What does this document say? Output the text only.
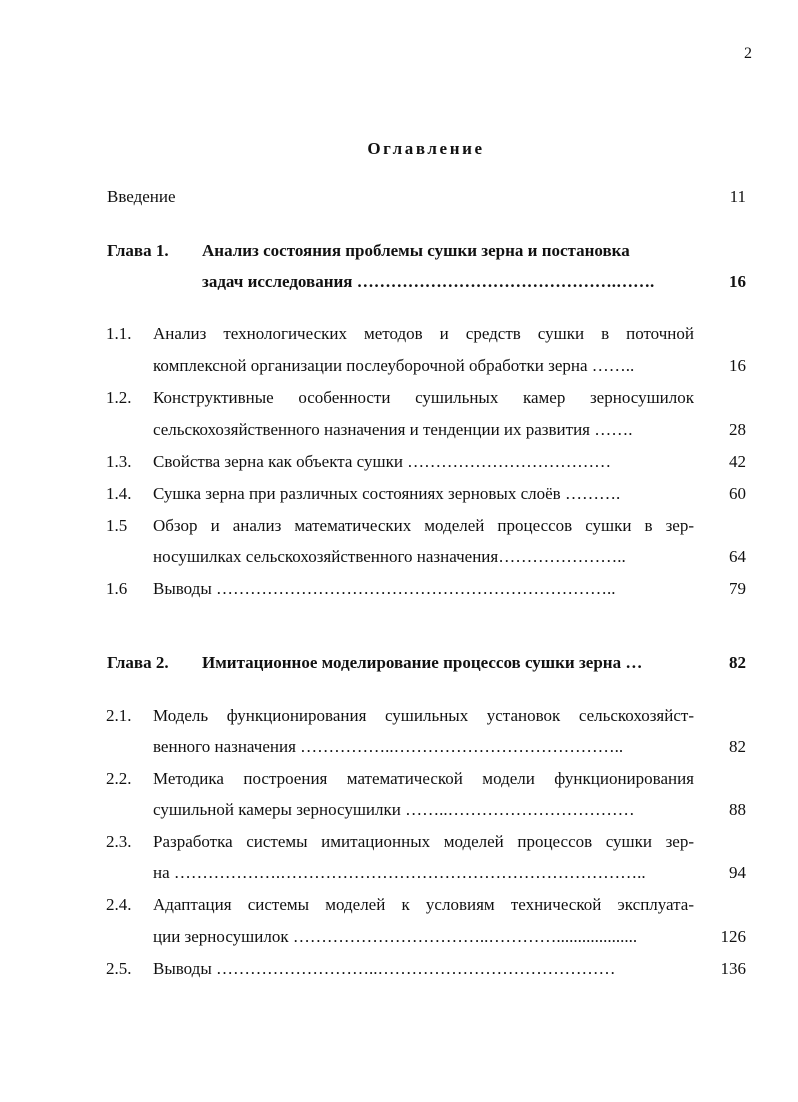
2
Оглавление
Введение	11
Глава 1. Анализ состояния проблемы сушки зерна и постановка
задач исследования ……………………………………….…….	16
1.1. Анализ технологических методов и средств сушки в поточной
комплексной организации послеуборочной обработки зерна ……..	16
1.2. Конструктивные особенности сушильных камер зерносушилок
сельскохозяйственного назначения и тенденции их развития …….	28
1.3. Свойства зерна как объекта сушки ………………………………	42
1.4. Сушка зерна при различных состояниях зерновых слоёв ……….	60
1.5 Обзор и анализ математических моделей процессов сушки в зер-
носушилках сельскохозяйственного назначения…………………..	64
1.6 Выводы ……………………………………………………………..	79
Глава 2. Имитационное моделирование процессов сушки зерна …	82
2.1. Модель функционирования сушильных установок сельскохозяйст-
венного назначения ……………..…………………………………..	82
2.2. Методика построения математической модели функционирования
сушильной камеры зерносушилки ……..……………………………	88
2.3. Разработка системы имитационных моделей процессов сушки зер-
на ……………….………………………………………………………..	94
2.4. Адаптация системы моделей к условиям технической эксплуата-
ции зерносушилок ……………………………..…………...................	126
2.5. Выводы ………………………..……………………………………	136
